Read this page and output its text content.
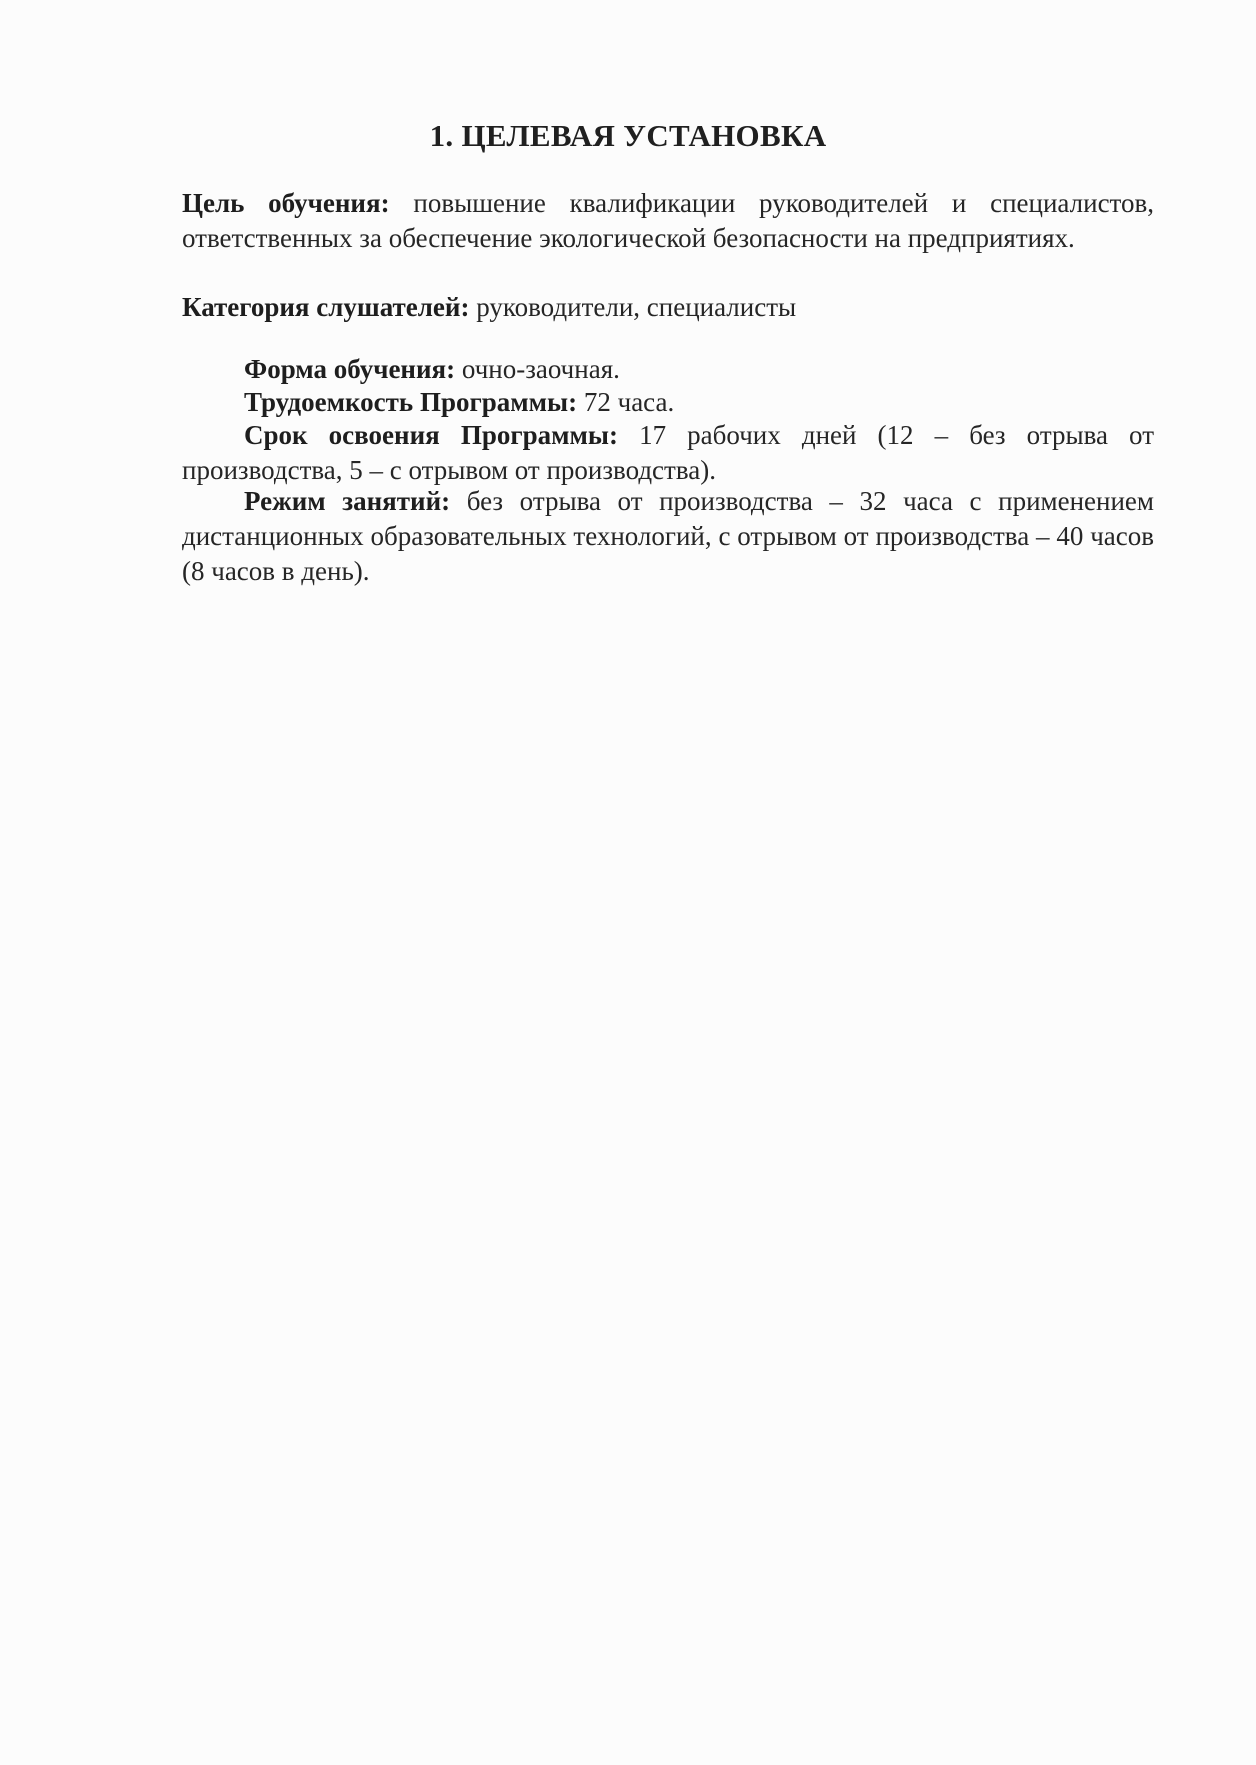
1. ЦЕЛЕВАЯ УСТАНОВКА
Цель обучения: повышение квалификации руководителей и специалистов, ответственных за обеспечение экологической безопасности на предприятиях.
Категория слушателей: руководители, специалисты
Форма обучения: очно-заочная.
Трудоемкость Программы: 72 часа.
Срок освоения Программы: 17 рабочих дней (12 – без отрыва от производства, 5 – с отрывом от производства).
Режим занятий: без отрыва от производства – 32 часа с применением дистанционных образовательных технологий, с отрывом от производства – 40 часов (8 часов в день).
